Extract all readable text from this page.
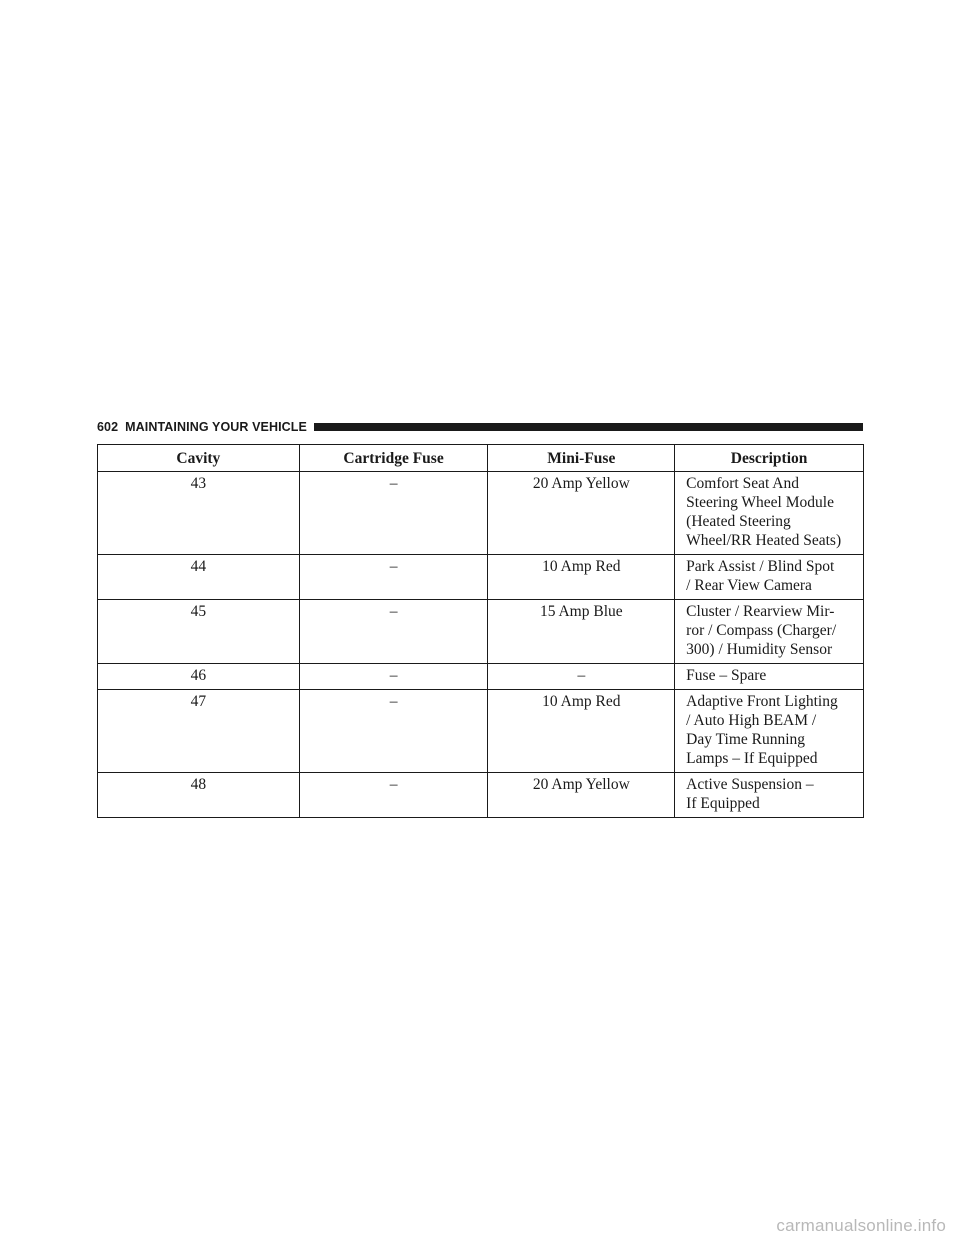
602 MAINTAINING YOUR VEHICLE
Cavity	Cartridge Fuse	Mini-Fuse	Description
43	–	20 Amp Yellow	Comfort Seat And
Steering Wheel Module
(Heated Steering
Wheel/RR Heated Seats)
44	–	10 Amp Red	Park Assist / Blind Spot
/ Rear View Camera
45	–	15 Amp Blue	Cluster / Rearview Mir-
ror / Compass (Charger/
300) / Humidity Sensor
46	–	–	Fuse – Spare
47	–	10 Amp Red	Adaptive Front Lighting
/ Auto High BEAM /
Day Time Running
Lamps – If Equipped
48	–	20 Amp Yellow	Active Suspension –
If Equipped
carmanualsonline.info
